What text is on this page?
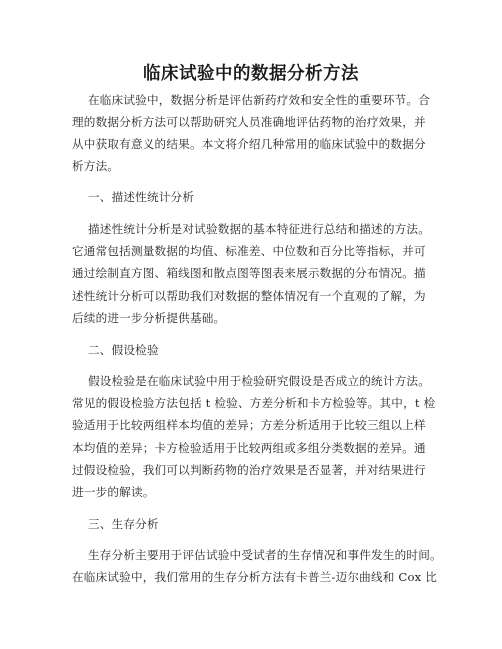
临床试验中的数据分析方法
在临床试验中，数据分析是评估新药疗效和安全性的重要环节。合
理的数据分析方法可以帮助研究人员准确地评估药物的治疗效果，并
从中获取有意义的结果。本文将介绍几种常用的临床试验中的数据分
析方法。
一、描述性统计分析
描述性统计分析是对试验数据的基本特征进行总结和描述的方法。
它通常包括测量数据的均值、标准差、中位数和百分比等指标，并可
通过绘制直方图、箱线图和散点图等图表来展示数据的分布情况。描
述性统计分析可以帮助我们对数据的整体情况有一个直观的了解，为
后续的进一步分析提供基础。
二、假设检验
假设检验是在临床试验中用于检验研究假设是否成立的统计方法。
常见的假设检验方法包括 t 检验、方差分析和卡方检验等。其中，t 检
验适用于比较两组样本均值的差异；方差分析适用于比较三组以上样
本均值的差异；卡方检验适用于比较两组或多组分类数据的差异。通
过假设检验，我们可以判断药物的治疗效果是否显著，并对结果进行
进一步的解读。
三、生存分析
生存分析主要用于评估试验中受试者的生存情况和事件发生的时间。
在临床试验中，我们常用的生存分析方法有卡普兰-迈尔曲线和 Cox 比
